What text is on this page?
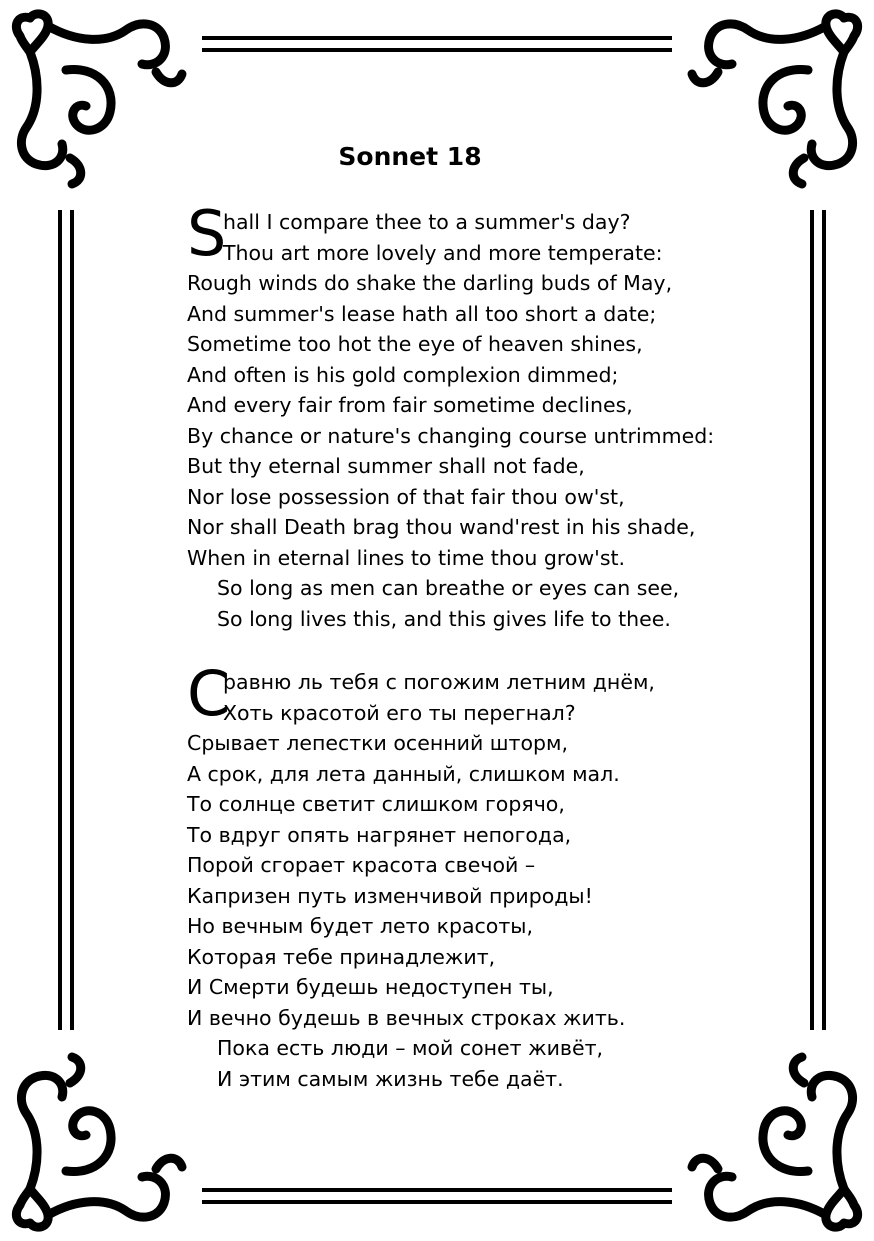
Sonnet 18
S
hall I compare thee to a summer's day?
Thou art more lovely and more temperate:
Rough winds do shake the darling buds of May,
And summer's lease hath all too short a date;
Sometime too hot the eye of heaven shines,
And often is his gold complexion dimmed;
And every fair from fair sometime declines,
By chance or nature's changing course untrimmed:
But thy eternal summer shall not fade,
Nor lose possession of that fair thou ow'st,
Nor shall Death brag thou wand'rest in his shade,
When in eternal lines to time thou grow'st.
So long as men can breathe or eyes can see,
So long lives this, and this gives life to thee.
С
равню ль тебя с погожим летним днём,
Хоть красотой его ты перегнал?
Срывает лепестки осенний шторм,
А срок, для лета данный, слишком мал.
То солнце светит слишком горячо,
То вдруг опять нагрянет непогода,
Порой сгорает красота свечой –
Капризен путь изменчивой природы!
Но вечным будет лето красоты,
Которая тебе принадлежит,
И Смерти будешь недоступен ты,
И вечно будешь в вечных строках жить.
Пока есть люди – мой сонет живёт,
И этим самым жизнь тебе даёт.
